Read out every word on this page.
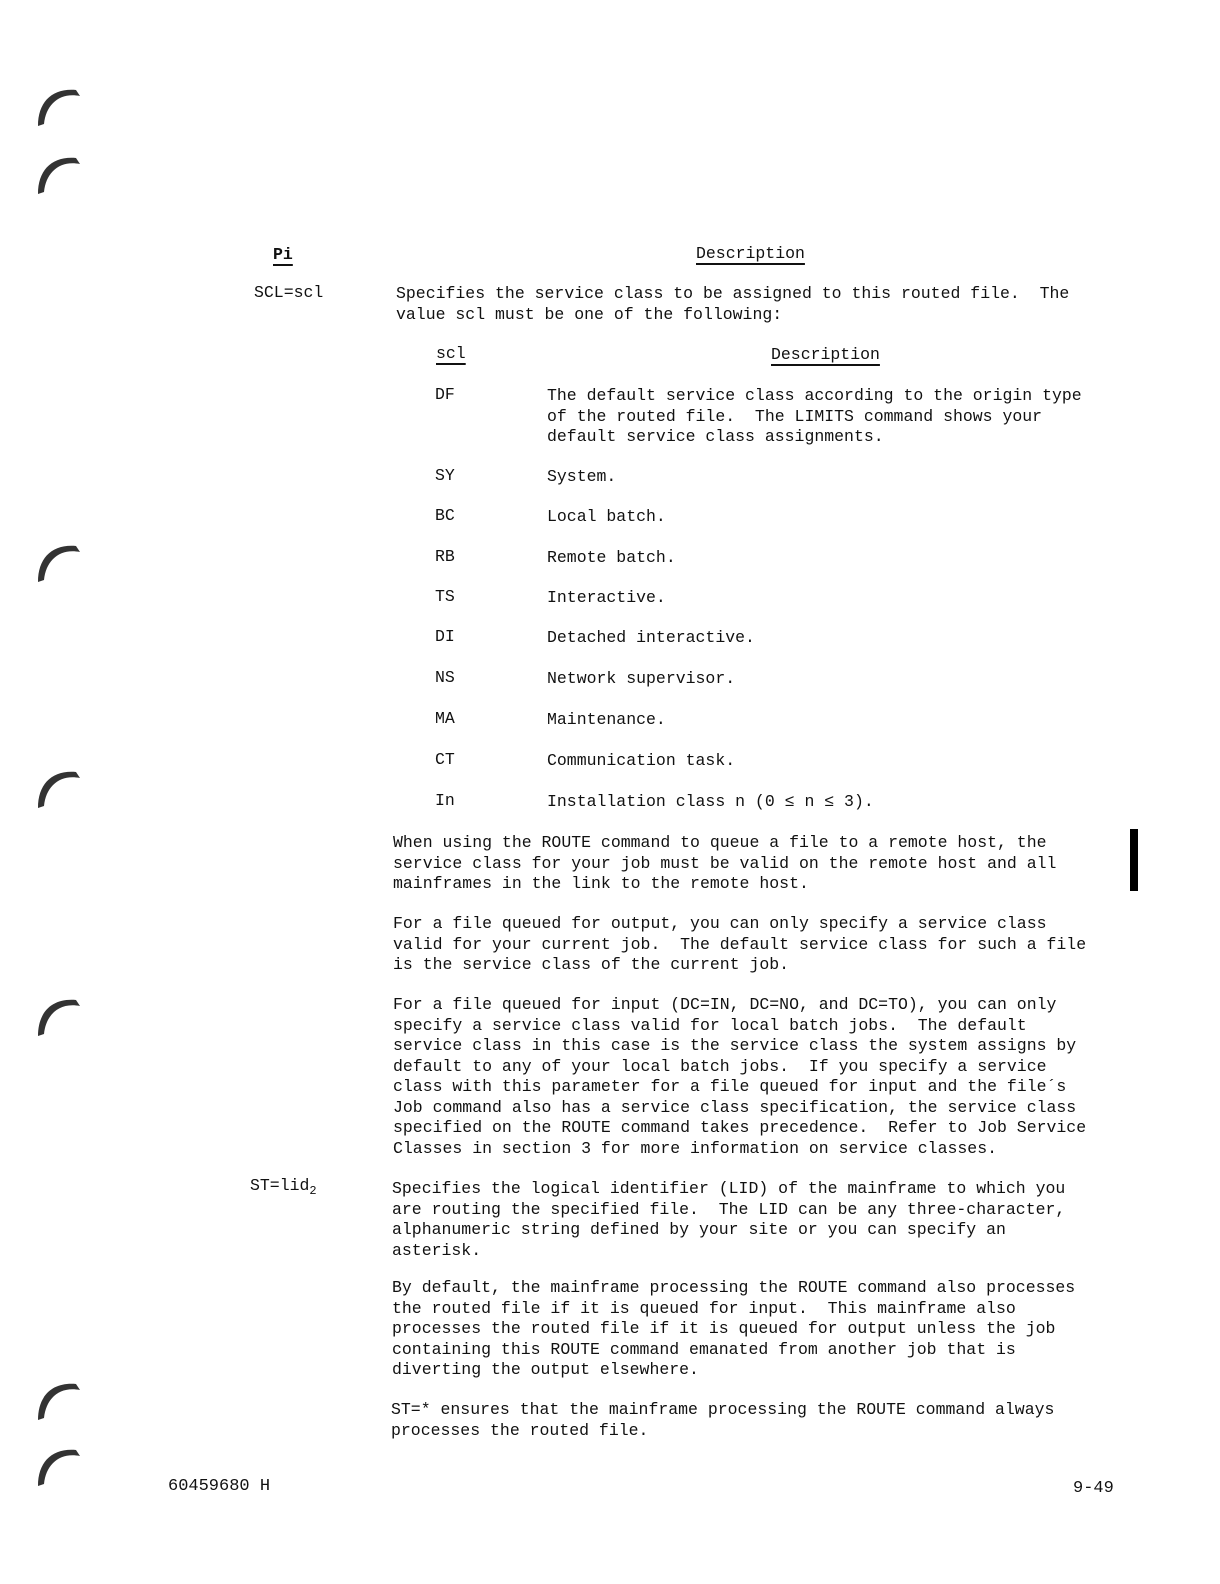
Pi	Description
SCL=scl	Specifies the service class to be assigned to this routed file.  The
value scl must be one of the following:
scl	Description
DF	The default service class according to the origin type
of the routed file.  The LIMITS command shows your
default service class assignments.
SY	System.
BC	Local batch.
RB	Remote batch.
TS	Interactive.
DI	Detached interactive.
NS	Network supervisor.
MA	Maintenance.
CT	Communication task.
In	Installation class n (0 ≤ n ≤ 3).
When using the ROUTE command to queue a file to a remote host, the
service class for your job must be valid on the remote host and all
mainframes in the link to the remote host.
For a file queued for output, you can only specify a service class
valid for your current job.  The default service class for such a file
is the service class of the current job.
For a file queued for input (DC=IN, DC=NO, and DC=TO), you can only
specify a service class valid for local batch jobs.  The default
service class in this case is the service class the system assigns by
default to any of your local batch jobs.  If you specify a service
class with this parameter for a file queued for input and the file´s
Job command also has a service class specification, the service class
specified on the ROUTE command takes precedence.  Refer to Job Service
Classes in section 3 for more information on service classes.
ST=lid$_2$	Specifies the logical identifier (LID) of the mainframe to which you
are routing the specified file.  The LID can be any three-character,
alphanumeric string defined by your site or you can specify an
asterisk.
By default, the mainframe processing the ROUTE command also processes
the routed file if it is queued for input.  This mainframe also
processes the routed file if it is queued for output unless the job
containing this ROUTE command emanated from another job that is
diverting the output elsewhere.
ST=* ensures that the mainframe processing the ROUTE command always
processes the routed file.
60459680 H	9-49
